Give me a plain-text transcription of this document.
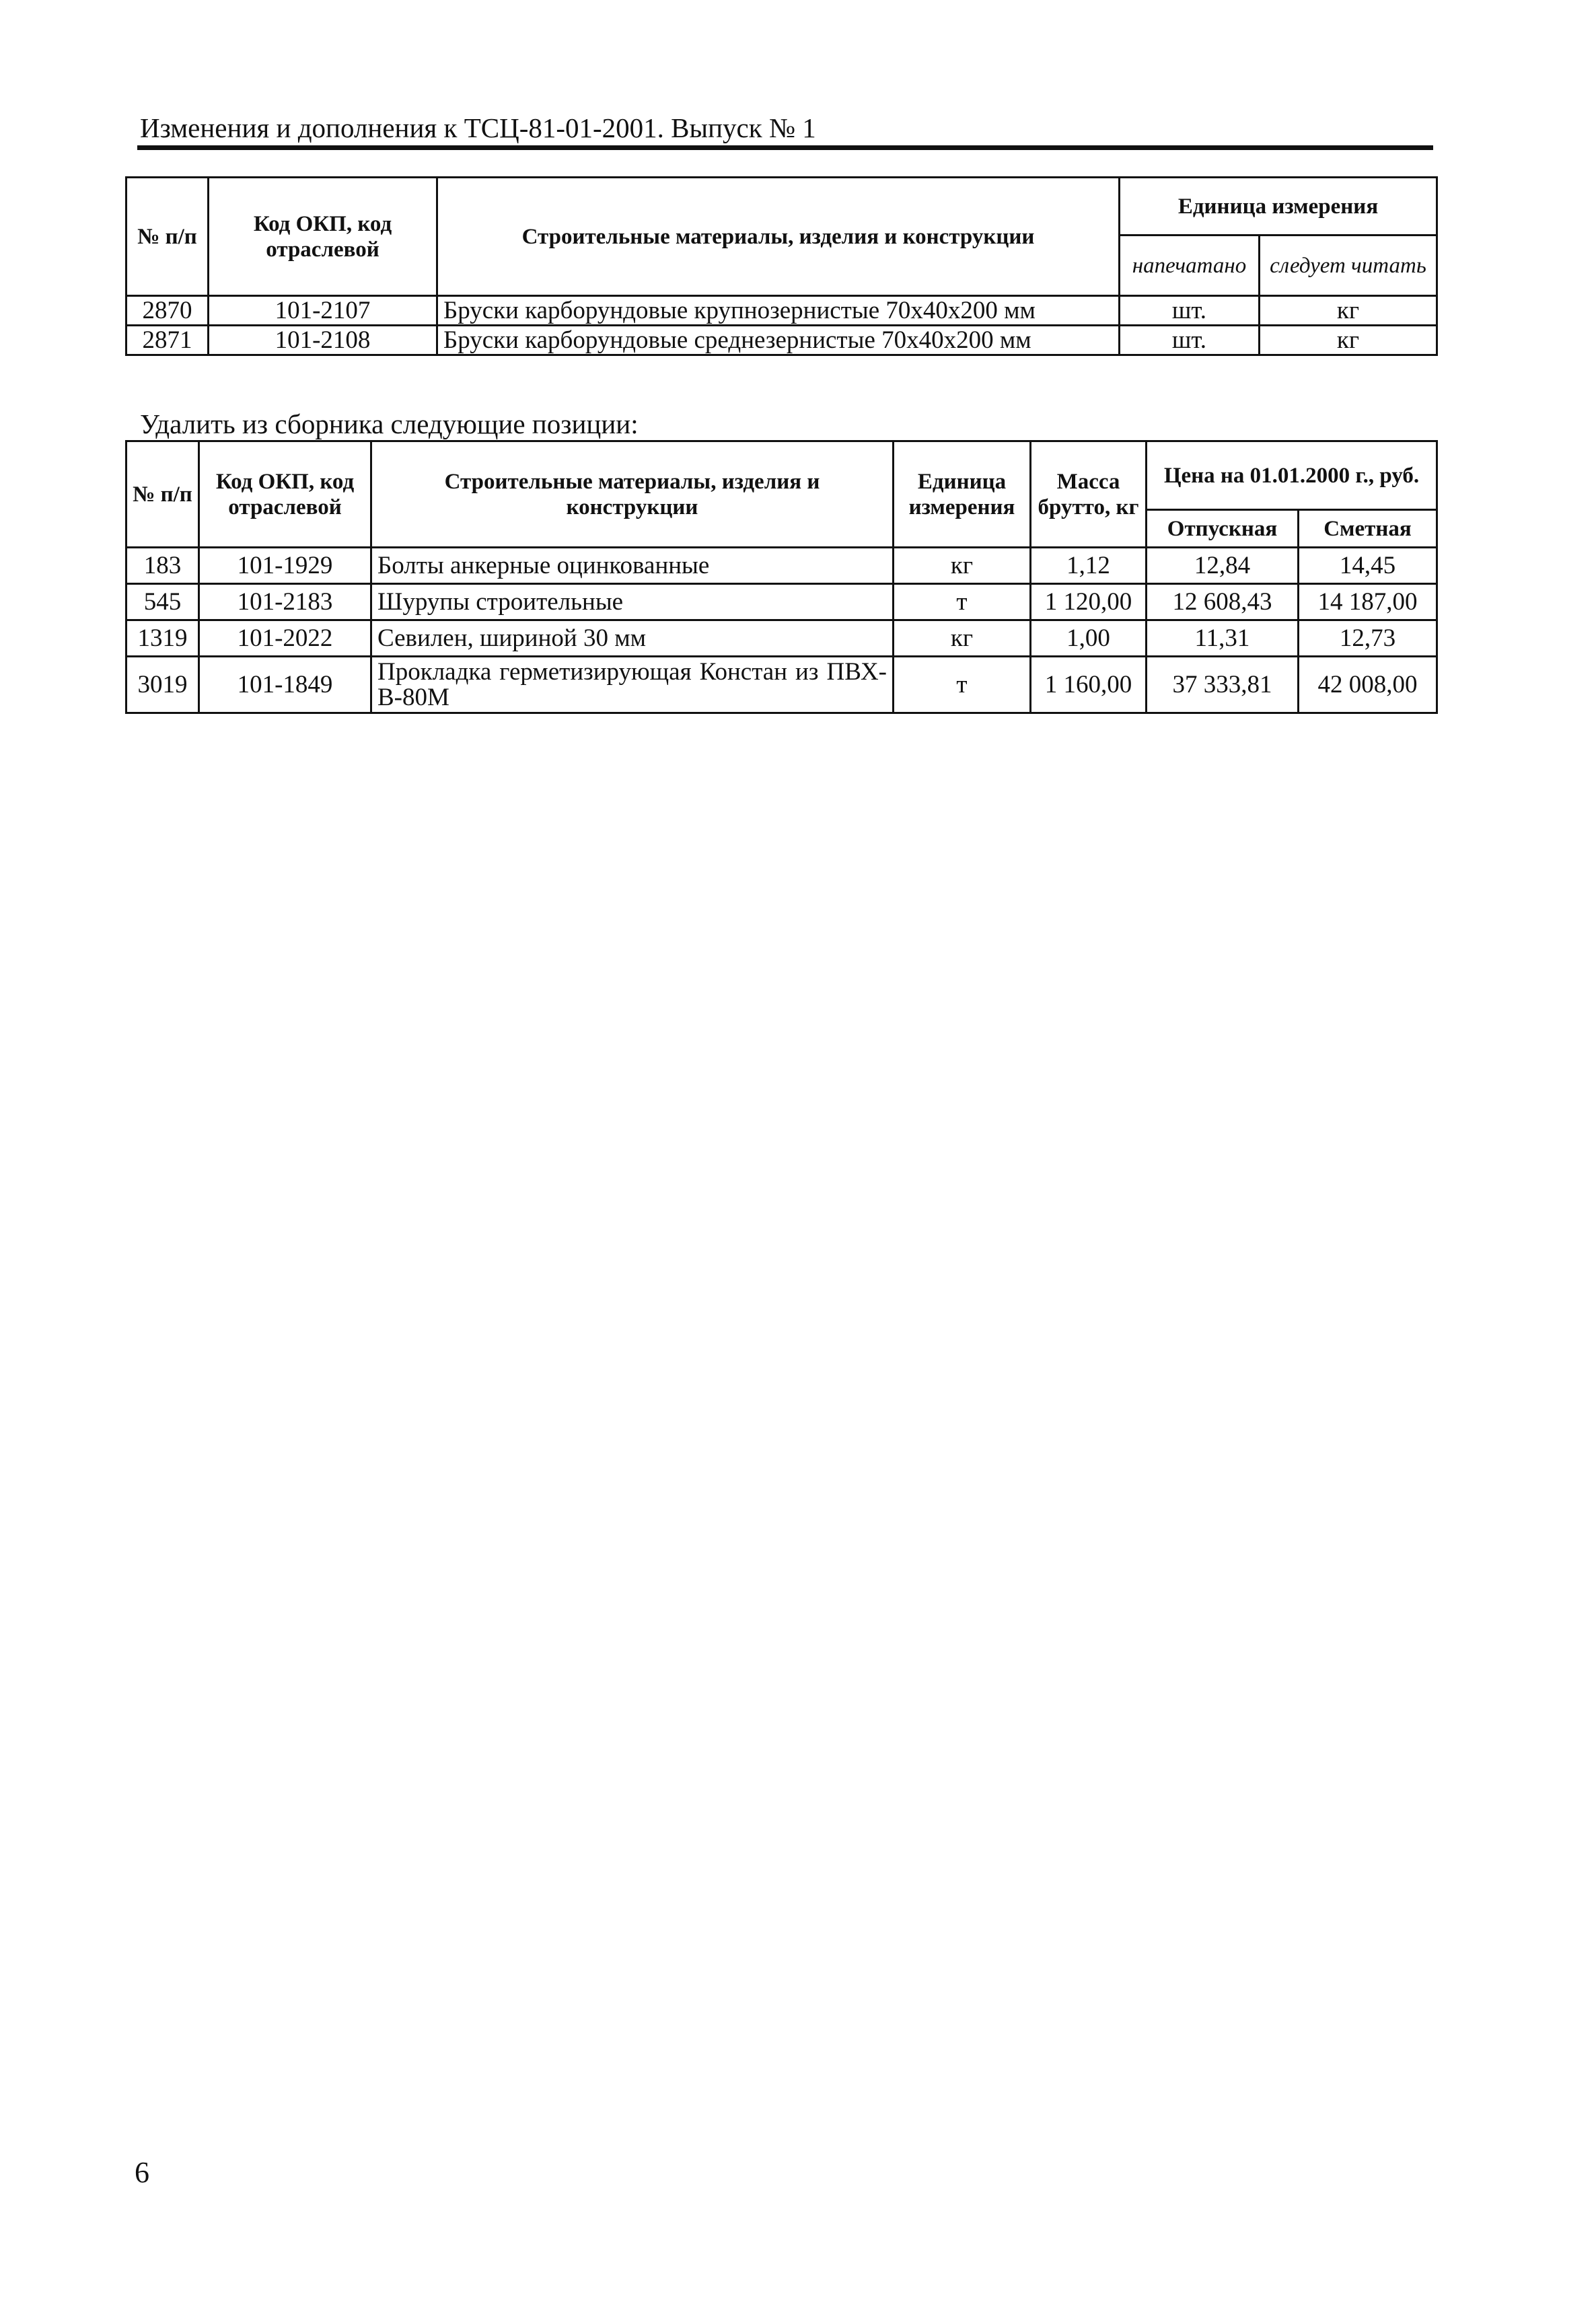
Изменения и дополнения к ТСЦ-81-01-2001. Выпуск № 1
№ п/п	Код ОКП, код отраслевой	Строительные материалы, изделия и конструкции	Единица измерения	
			напечатано	следует читать
2870	101-2107	Бруски карборундовые крупнозернистые 70х40х200 мм	шт.	кг
2871	101-2108	Бруски карборундовые среднезернистые 70х40х200 мм	шт.	кг
Удалить из сборника следующие позиции:
№ п/п	Код ОКП, код отраслевой	Строительные материалы, изделия и конструкции	Единица измерения	Масса брутто, кг	Цена на 01.01.2000 г., руб.	
					Отпускная	Сметная
183	101-1929	Болты анкерные оцинкованные	кг	1,12	12,84	14,45
545	101-2183	Шурупы строительные	т	1 120,00	12 608,43	14 187,00
1319	101-2022	Севилен, шириной 30 мм	кг	1,00	11,31	12,73
3019	101-1849	Прокладка герметизирующая Констан из ПВХ-В-80М	т	1 160,00	37 333,81	42 008,00
6
